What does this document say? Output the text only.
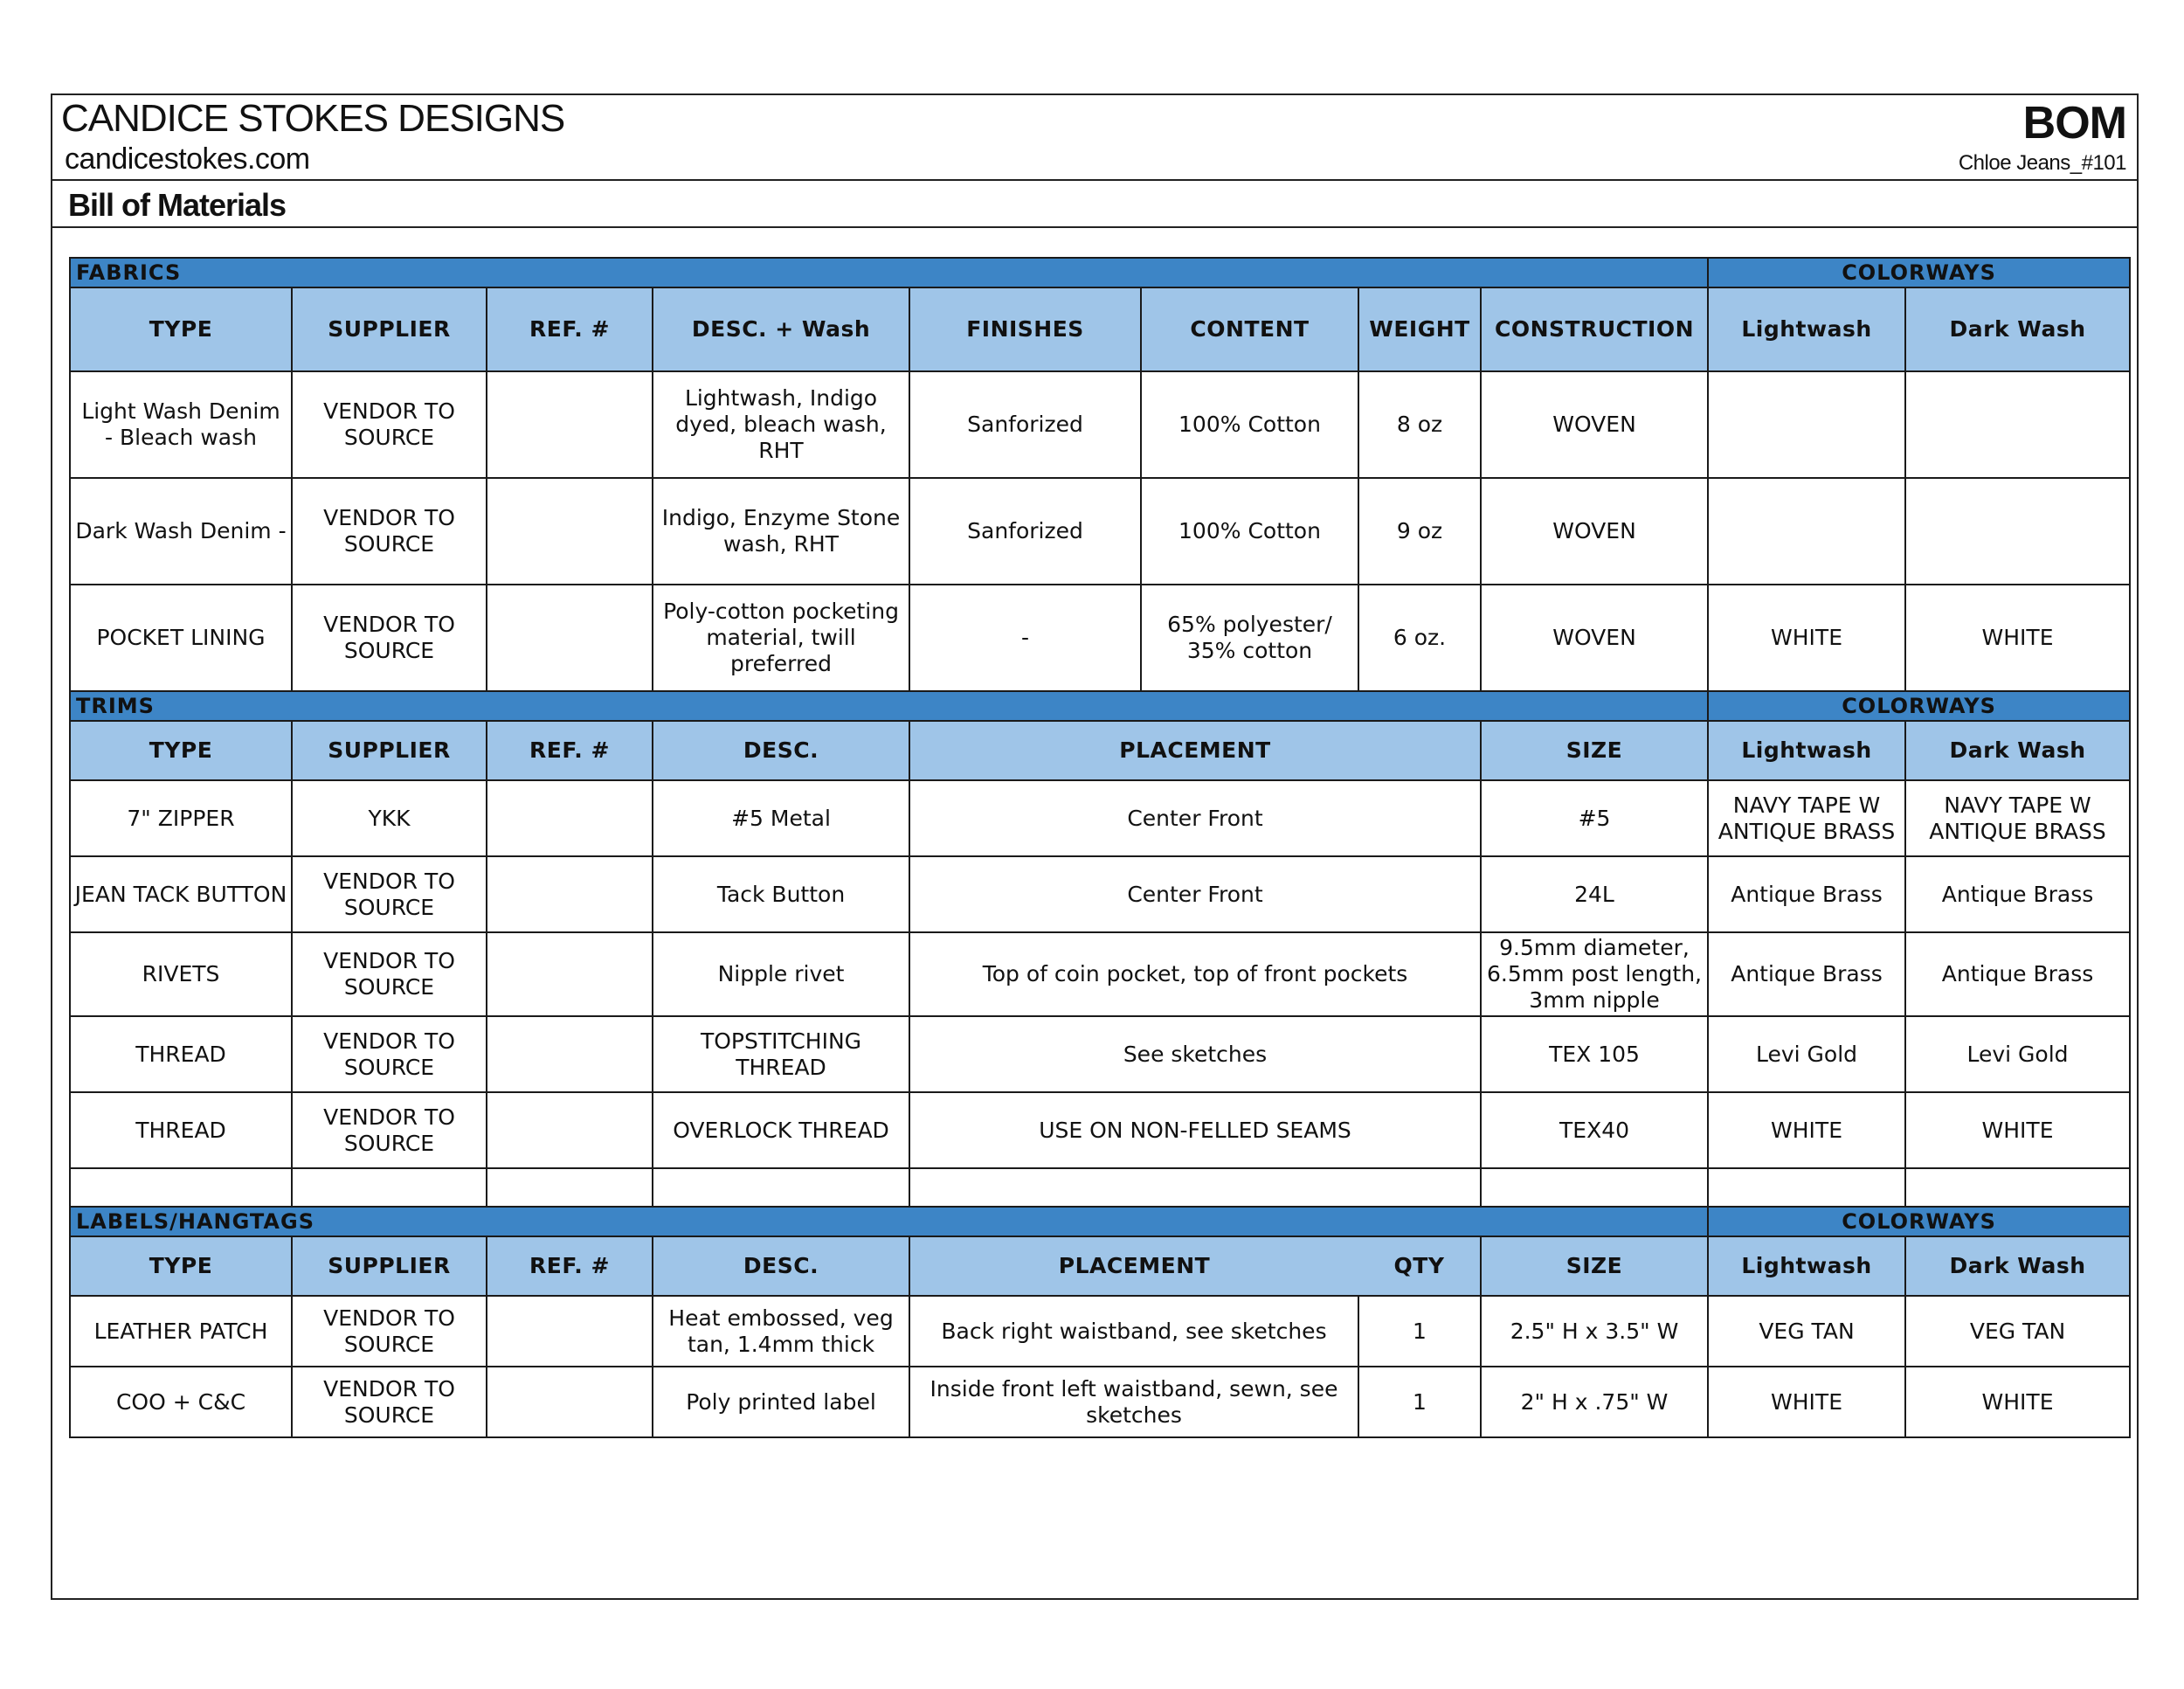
CANDICE STOKES DESIGNS
candicestokes.com
BOM
Chloe Jeans_#101
Bill of Materials
FABRICS								COLORWAYS	
TYPE	SUPPLIER	REF. #	DESC. + Wash	FINISHES	CONTENT	WEIGHT	CONSTRUCTION	Lightwash	Dark Wash
Light Wash Denim - Bleach wash	VENDOR TO SOURCE		Lightwash, Indigo dyed, bleach wash, RHT	Sanforized	100% Cotton	8 oz	WOVEN		
Dark Wash Denim -	VENDOR TO SOURCE		Indigo, Enzyme Stone wash, RHT	Sanforized	100% Cotton	9 oz	WOVEN		
POCKET LINING	VENDOR TO SOURCE		Poly-cotton pocketing material, twill preferred	-	65% polyester/ 35% cotton	6 oz.	WOVEN	WHITE	WHITE
TRIMS								COLORWAYS	
TYPE	SUPPLIER	REF. #	DESC.	PLACEMENT			SIZE	Lightwash	Dark Wash
7" ZIPPER	YKK		#5 Metal	Center Front			#5	NAVY TAPE W ANTIQUE BRASS	NAVY TAPE W ANTIQUE BRASS
JEAN TACK BUTTON	VENDOR TO SOURCE		Tack Button	Center Front			24L	Antique Brass	Antique Brass
RIVETS	VENDOR TO SOURCE		Nipple rivet	Top of coin pocket, top of front pockets			9.5mm diameter, 6.5mm post length, 3mm nipple	Antique Brass	Antique Brass
THREAD	VENDOR TO SOURCE		TOPSTITCHING THREAD	See sketches			TEX 105	Levi Gold	Levi Gold
THREAD	VENDOR TO SOURCE		OVERLOCK THREAD	USE ON NON-FELLED SEAMS			TEX40	WHITE	WHITE

LABELS/HANGTAGS								COLORWAYS	
TYPE	SUPPLIER	REF. #	DESC.	PLACEMENT		QTY	SIZE	Lightwash	Dark Wash
LEATHER PATCH	VENDOR TO SOURCE		Heat embossed, veg tan, 1.4mm thick	Back right waistband, see sketches		1	2.5" H x 3.5" W	VEG TAN	VEG TAN
COO + C&C	VENDOR TO SOURCE		Poly printed label	Inside front left waistband, sewn, see sketches		1	2" H x .75" W	WHITE	WHITE
